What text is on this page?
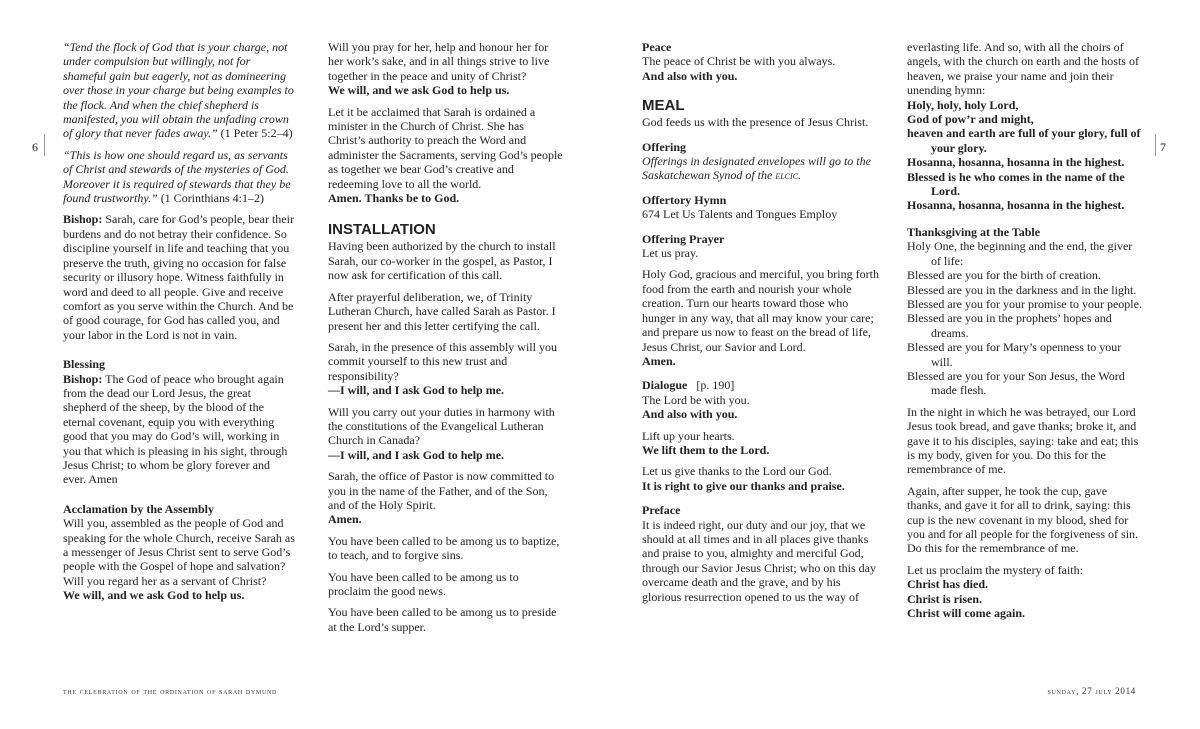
6	7

“Tend the flock of God that is your charge, not under compulsion but willingly, not for shameful gain but eagerly, not as domineering over those in your charge but being examples to the flock. And when the chief shepherd is manifested, you will obtain the unfading crown of glory that never fades away.” (1 Peter 5:2–4)

“This is how one should regard us, as servants of Christ and stewards of the mysteries of God. Moreover it is required of stewards that they be found trustworthy.” (1 Corinthians 4:1–2)

Bishop: Sarah, care for God’s people, bear their burdens and do not betray their confidence. So discipline yourself in life and teaching that you preserve the truth, giving no occasion for false security or illusory hope. Witness faithfully in word and deed to all people. Give and receive comfort as you serve within the Church. And be of good courage, for God has called you, and your labor in the Lord is not in vain.

Blessing

Bishop: The God of peace who brought again from the dead our Lord Jesus, the great shepherd of the sheep, by the blood of the eternal covenant, equip you with everything good that you may do God’s will, working in you that which is pleasing in his sight, through Jesus Christ; to whom be glory forever and ever. Amen

Acclamation by the Assembly
Will you, assembled as the people of God and speaking for the whole Church, receive Sarah as a messenger of Jesus Christ sent to serve God’s people with the Gospel of hope and salvation? Will you regard her as a servant of Christ?
We will, and we ask God to help us.
Will you pray for her, help and honour her for her work’s sake, and in all things strive to live together in the peace and unity of Christ?

We will, and we ask God to help us.

Let it be acclaimed that Sarah is ordained a minister in the Church of Christ. She has Christ’s authority to preach the Word and administer the Sacraments, serving God’s people as together we bear God’s creative and redeeming love to all the world.

Amen. Thanks be to God.

INSTALLATION

Having been authorized by the church to install Sarah, our co-worker in the gospel, as Pastor, I now ask for certification of this call.

After prayerful deliberation, we, of Trinity Lutheran Church, have called Sarah as Pastor. I present her and this letter certifying the call.

Sarah, in the presence of this assembly will you commit yourself to this new trust and responsibility?

—I will, and I ask God to help me.

Will you carry out your duties in harmony with the constitutions of the Evangelical Lutheran Church in Canada?

—I will, and I ask God to help me.

Sarah, the office of Pastor is now committed to you in the name of the Father, and of the Son, and of the Holy Spirit.

Amen.

You have been called to be among us to baptize, to teach, and to forgive sins.

You have been called to be among us to proclaim the good news.

You have been called to be among us to preside at the Lord’s supper.

Peace
The peace of Christ be with you always.
And also with you.
MEAL

God feeds us with the presence of Jesus Christ.

Offering

Offerings in designated envelopes will go to the Saskatchewan Synod of the elcic.

Offertory Hymn

674 Let Us Talents and Tongues Employ

Offering Prayer

Let us pray.

Holy God, gracious and merciful, you bring forth food from the earth and nourish your whole creation. Turn our hearts toward those who hunger in any way, that all may know your care; and prepare us now to feast on the bread of life, Jesus Christ, our Savior and Lord.

Amen.

Dialogue   [p. 190]
The Lord be with you.

And also with you.

Lift up your hearts.

We lift them to the Lord.

Let us give thanks to the Lord our God.

It is right to give our thanks and praise.

Preface
It is indeed right, our duty and our joy, that we should at all times and in all places give thanks and praise to you, almighty and merciful God, through our Savior Jesus Christ; who on this day overcame death and the grave, and by his glorious resurrection opened to us the way of
everlasting life. And so, with all the choirs of angels, with the church on earth and the hosts of heaven, we praise your name and join their unending hymn:
Holy, holy, holy Lord,
God of pow’r and might,
heaven and earth are full of your glory, full of your glory.
Hosanna, hosanna, hosanna in the highest.
Blessed is he who comes in the name of the Lord.
Hosanna, hosanna, hosanna in the highest.
Thanksgiving at the Table
Holy One, the beginning and the end, the giver of life:
Blessed are you for the birth of creation.
Blessed are you in the darkness and in the light.
Blessed are you for your promise to your people.
Blessed are you in the prophets’ hopes and dreams.
Blessed are you for Mary’s openness to your will.
Blessed are you for your Son Jesus, the Word made flesh.

In the night in which he was betrayed, our Lord Jesus took bread, and gave thanks; broke it, and gave it to his disciples, saying: take and eat; this is my body, given for you. Do this for the remembrance of me.

Again, after supper, he took the cup, gave thanks, and gave it for all to drink, saying: this cup is the new covenant in my blood, shed for you and for all people for the forgiveness of sin. Do this for the remembrance of me.

Let us proclaim the mystery of faith:
Christ has died.
Christ is risen.
Christ will come again.
the celebration of the ordination of sarah dymund	sunday, 27 july 2014
